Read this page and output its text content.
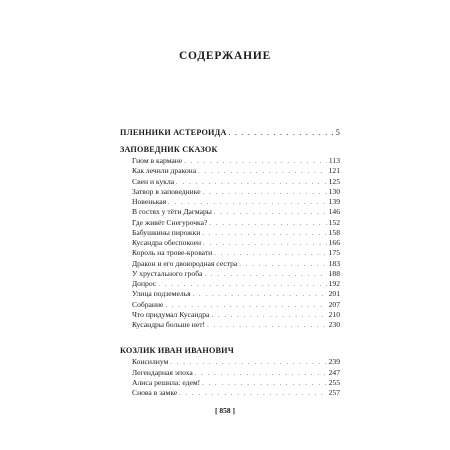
СОДЕРЖАНИЕ
ПЛЕННИКИ АСТЕРОИДА . . .	5
ЗАПОВЕДНИК СКАЗОК
Гном в кармане . . .	113
Как лечили дракона . . .	121
Свен и кукла . . .	125
Затвор в заповеднике . . .	130
Новенькая . . .	139
В гостях у тёти Дагмары . . .	146
Где живёт Снегурочка? . . .	152
Бабушкины пирожки . . .	158
Кусандра обеспокоен . . .	166
Король на трове-кровати . . .	175
Дракон и его двоюродная сестра . . .	183
У хрустального гроба . . .	188
Допрос . . .	192
Улица подземелья . . .	201
Собрание . . .	207
Что придумал Кусандра . . .	210
Кусандры больше нет! . . .	230
КОЗЛИК ИВАН ИВАНОВИЧ
Консилиум . . .	239
Легендарная эпоха . . .	247
Алиса решила: едем! . . .	255
Снова в замке . . .	257
[ 858 ]
